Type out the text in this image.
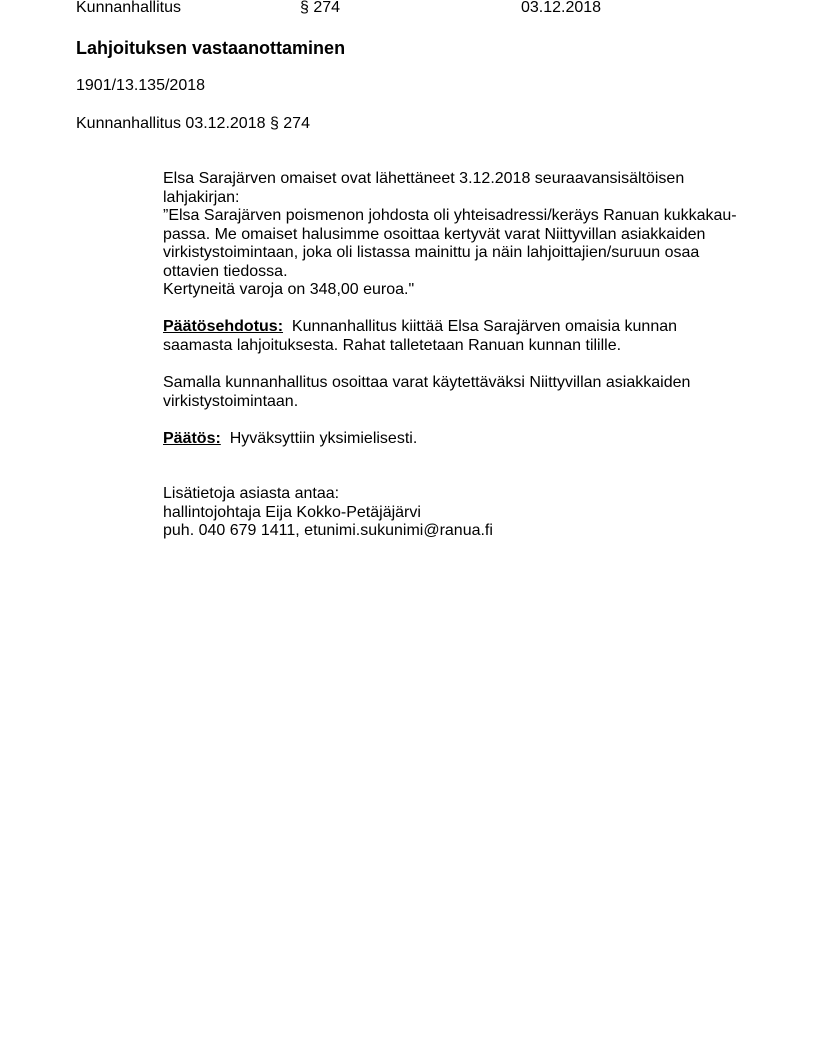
Kunnanhallitus	§ 274	03.12.2018
Lahjoituksen vastaanottaminen
1901/13.135/2018
Kunnanhallitus 03.12.2018 § 274
Elsa Sarajärven omaiset ovat lähettäneet 3.12.2018 seuraavansisältöisen
lahjakirjan:
”Elsa Sarajärven poismenon johdosta oli yhteisadressi/keräys Ranuan kukkakau-
passa. Me omaiset halusimme osoittaa kertyvät varat Niittyvillan asiakkaiden
virkistystoimintaan, joka oli listassa mainittu ja näin lahjoittajien/suruun osaa
ottavien tiedossa.
Kertyneitä varoja on 348,00 euroa."
Päätösehdotus: Kunnanhallitus kiittää Elsa Sarajärven omaisia kunnan
saamasta lahjoituksesta. Rahat talletetaan Ranuan kunnan tilille.
Samalla kunnanhallitus osoittaa varat käytettäväksi Niittyvillan asiakkaiden
virkistystoimintaan.
Päätös: Hyväksyttiin yksimielisesti.
Lisätietoja asiasta antaa:
hallintojohtaja Eija Kokko-Petäjäjärvi
puh. 040 679 1411, etunimi.sukunimi@ranua.fi
